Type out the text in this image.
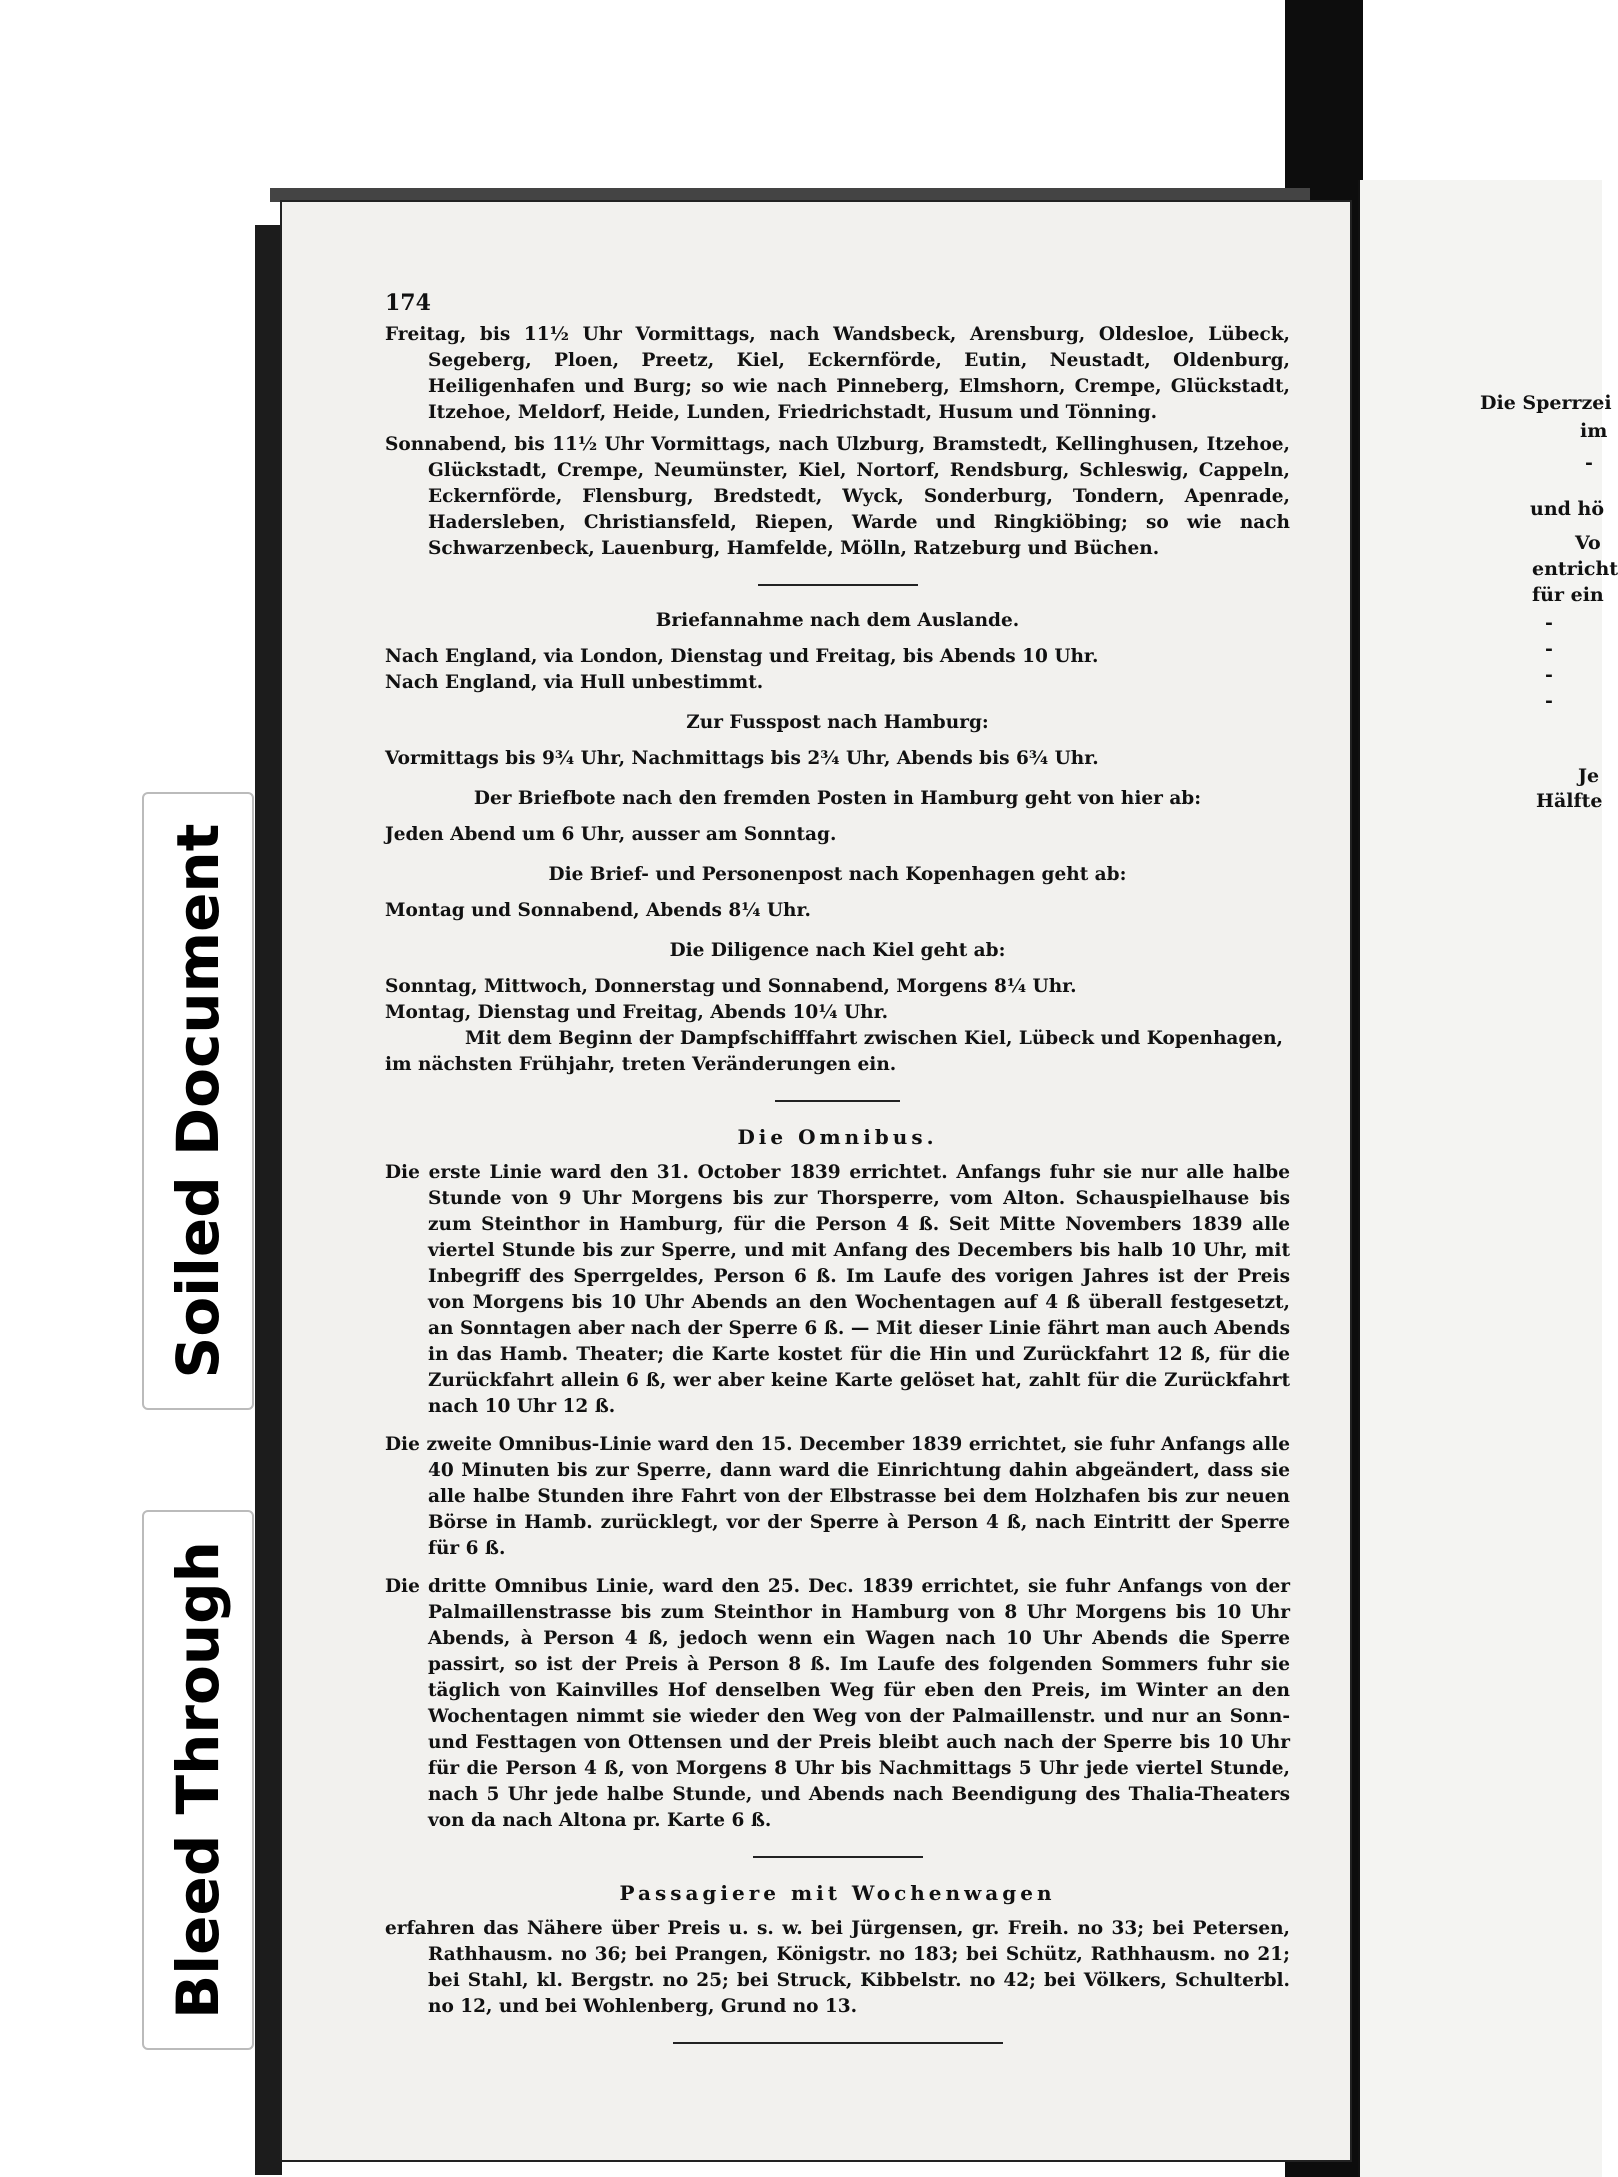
Die Sperrzei
im
-
und hö
Vo
entricht
für ein
-
-
-
-
Je
Hälfte
Soiled Document
Bleed Through
174

Freitag, bis 11½ Uhr Vormittags, nach Wandsbeck, Arensburg, Oldesloe, Lübeck, Segeberg, Ploen, Preetz, Kiel, Eckernförde, Eutin, Neustadt, Oldenburg, Heiligenhafen und Burg; so wie nach Pinneberg, Elmshorn, Crempe, Glückstadt, Itzehoe, Meldorf, Heide, Lunden, Friedrichstadt, Husum und Tönning.

Sonnabend, bis 11½ Uhr Vormittags, nach Ulzburg, Bramstedt, Kellinghusen, Itzehoe, Glückstadt, Crempe, Neumünster, Kiel, Nortorf, Rendsburg, Schleswig, Cappeln, Eckernförde, Flensburg, Bredstedt, Wyck, Sonderburg, Tondern, Apenrade, Hadersleben, Christiansfeld, Riepen, Warde und Ringkiöbing; so wie nach Schwarzenbeck, Lauenburg, Hamfelde, Mölln, Ratzeburg und Büchen.

Briefannahme nach dem Auslande.

Nach England, via London, Dienstag und Freitag, bis Abends 10 Uhr.

Nach England, via Hull unbestimmt.

Zur Fusspost nach Hamburg:

Vormittags bis 9¾ Uhr, Nachmittags bis 2¾ Uhr, Abends bis 6¾ Uhr.

Der Briefbote nach den fremden Posten in Hamburg geht von hier ab:

Jeden Abend um 6 Uhr, ausser am Sonntag.

Die Brief- und Personenpost nach Kopenhagen geht ab:

Montag und Sonnabend, Abends 8¼ Uhr.

Die Diligence nach Kiel geht ab:

Sonntag, Mittwoch, Donnerstag und Sonnabend, Morgens 8¼ Uhr.

Montag, Dienstag und Freitag, Abends 10¼ Uhr.

Mit dem Beginn der Dampfschifffahrt zwischen Kiel, Lübeck und Kopenhagen,

im nächsten Frühjahr, treten Veränderungen ein.

Die Omnibus.

Die erste Linie ward den 31. October 1839 errichtet. Anfangs fuhr sie nur alle halbe Stunde von 9 Uhr Morgens bis zur Thorsperre, vom Alton. Schauspielhause bis zum Steinthor in Hamburg, für die Person 4 ß. Seit Mitte Novembers 1839 alle viertel Stunde bis zur Sperre, und mit Anfang des Decembers bis halb 10 Uhr, mit Inbegriff des Sperrgeldes, Person 6 ß. Im Laufe des vorigen Jahres ist der Preis von Morgens bis 10 Uhr Abends an den Wochentagen auf 4 ß überall festgesetzt, an Sonntagen aber nach der Sperre 6 ß. — Mit dieser Linie fährt man auch Abends in das Hamb. Theater; die Karte kostet für die Hin und Zurückfahrt 12 ß, für die Zurückfahrt allein 6 ß, wer aber keine Karte gelöset hat, zahlt für die Zurückfahrt nach 10 Uhr 12 ß.

Die zweite Omnibus-Linie ward den 15. December 1839 errichtet, sie fuhr Anfangs alle 40 Minuten bis zur Sperre, dann ward die Einrichtung dahin abgeändert, dass sie alle halbe Stunden ihre Fahrt von der Elbstrasse bei dem Holzhafen bis zur neuen Börse in Hamb. zurücklegt, vor der Sperre à Person 4 ß, nach Eintritt der Sperre für 6 ß.

Die dritte Omnibus Linie, ward den 25. Dec. 1839 errichtet, sie fuhr Anfangs von der Palmaillenstrasse bis zum Steinthor in Hamburg von 8 Uhr Morgens bis 10 Uhr Abends, à Person 4 ß, jedoch wenn ein Wagen nach 10 Uhr Abends die Sperre passirt, so ist der Preis à Person 8 ß. Im Laufe des folgenden Sommers fuhr sie täglich von Kainvilles Hof denselben Weg für eben den Preis, im Winter an den Wochentagen nimmt sie wieder den Weg von der Palmaillenstr. und nur an Sonn- und Festtagen von Ottensen und der Preis bleibt auch nach der Sperre bis 10 Uhr für die Person 4 ß, von Morgens 8 Uhr bis Nachmittags 5 Uhr jede viertel Stunde, nach 5 Uhr jede halbe Stunde, und Abends nach Beendigung des Thalia-Theaters von da nach Altona pr. Karte 6 ß.

Passagiere mit Wochenwagen

erfahren das Nähere über Preis u. s. w. bei Jürgensen, gr. Freih. no 33; bei Petersen, Rathhausm. no 36; bei Prangen, Königstr. no 183; bei Schütz, Rathhausm. no 21; bei Stahl, kl. Bergstr. no 25; bei Struck, Kibbelstr. no 42; bei Völkers, Schulterbl. no 12, und bei Wohlenberg, Grund no 13.
